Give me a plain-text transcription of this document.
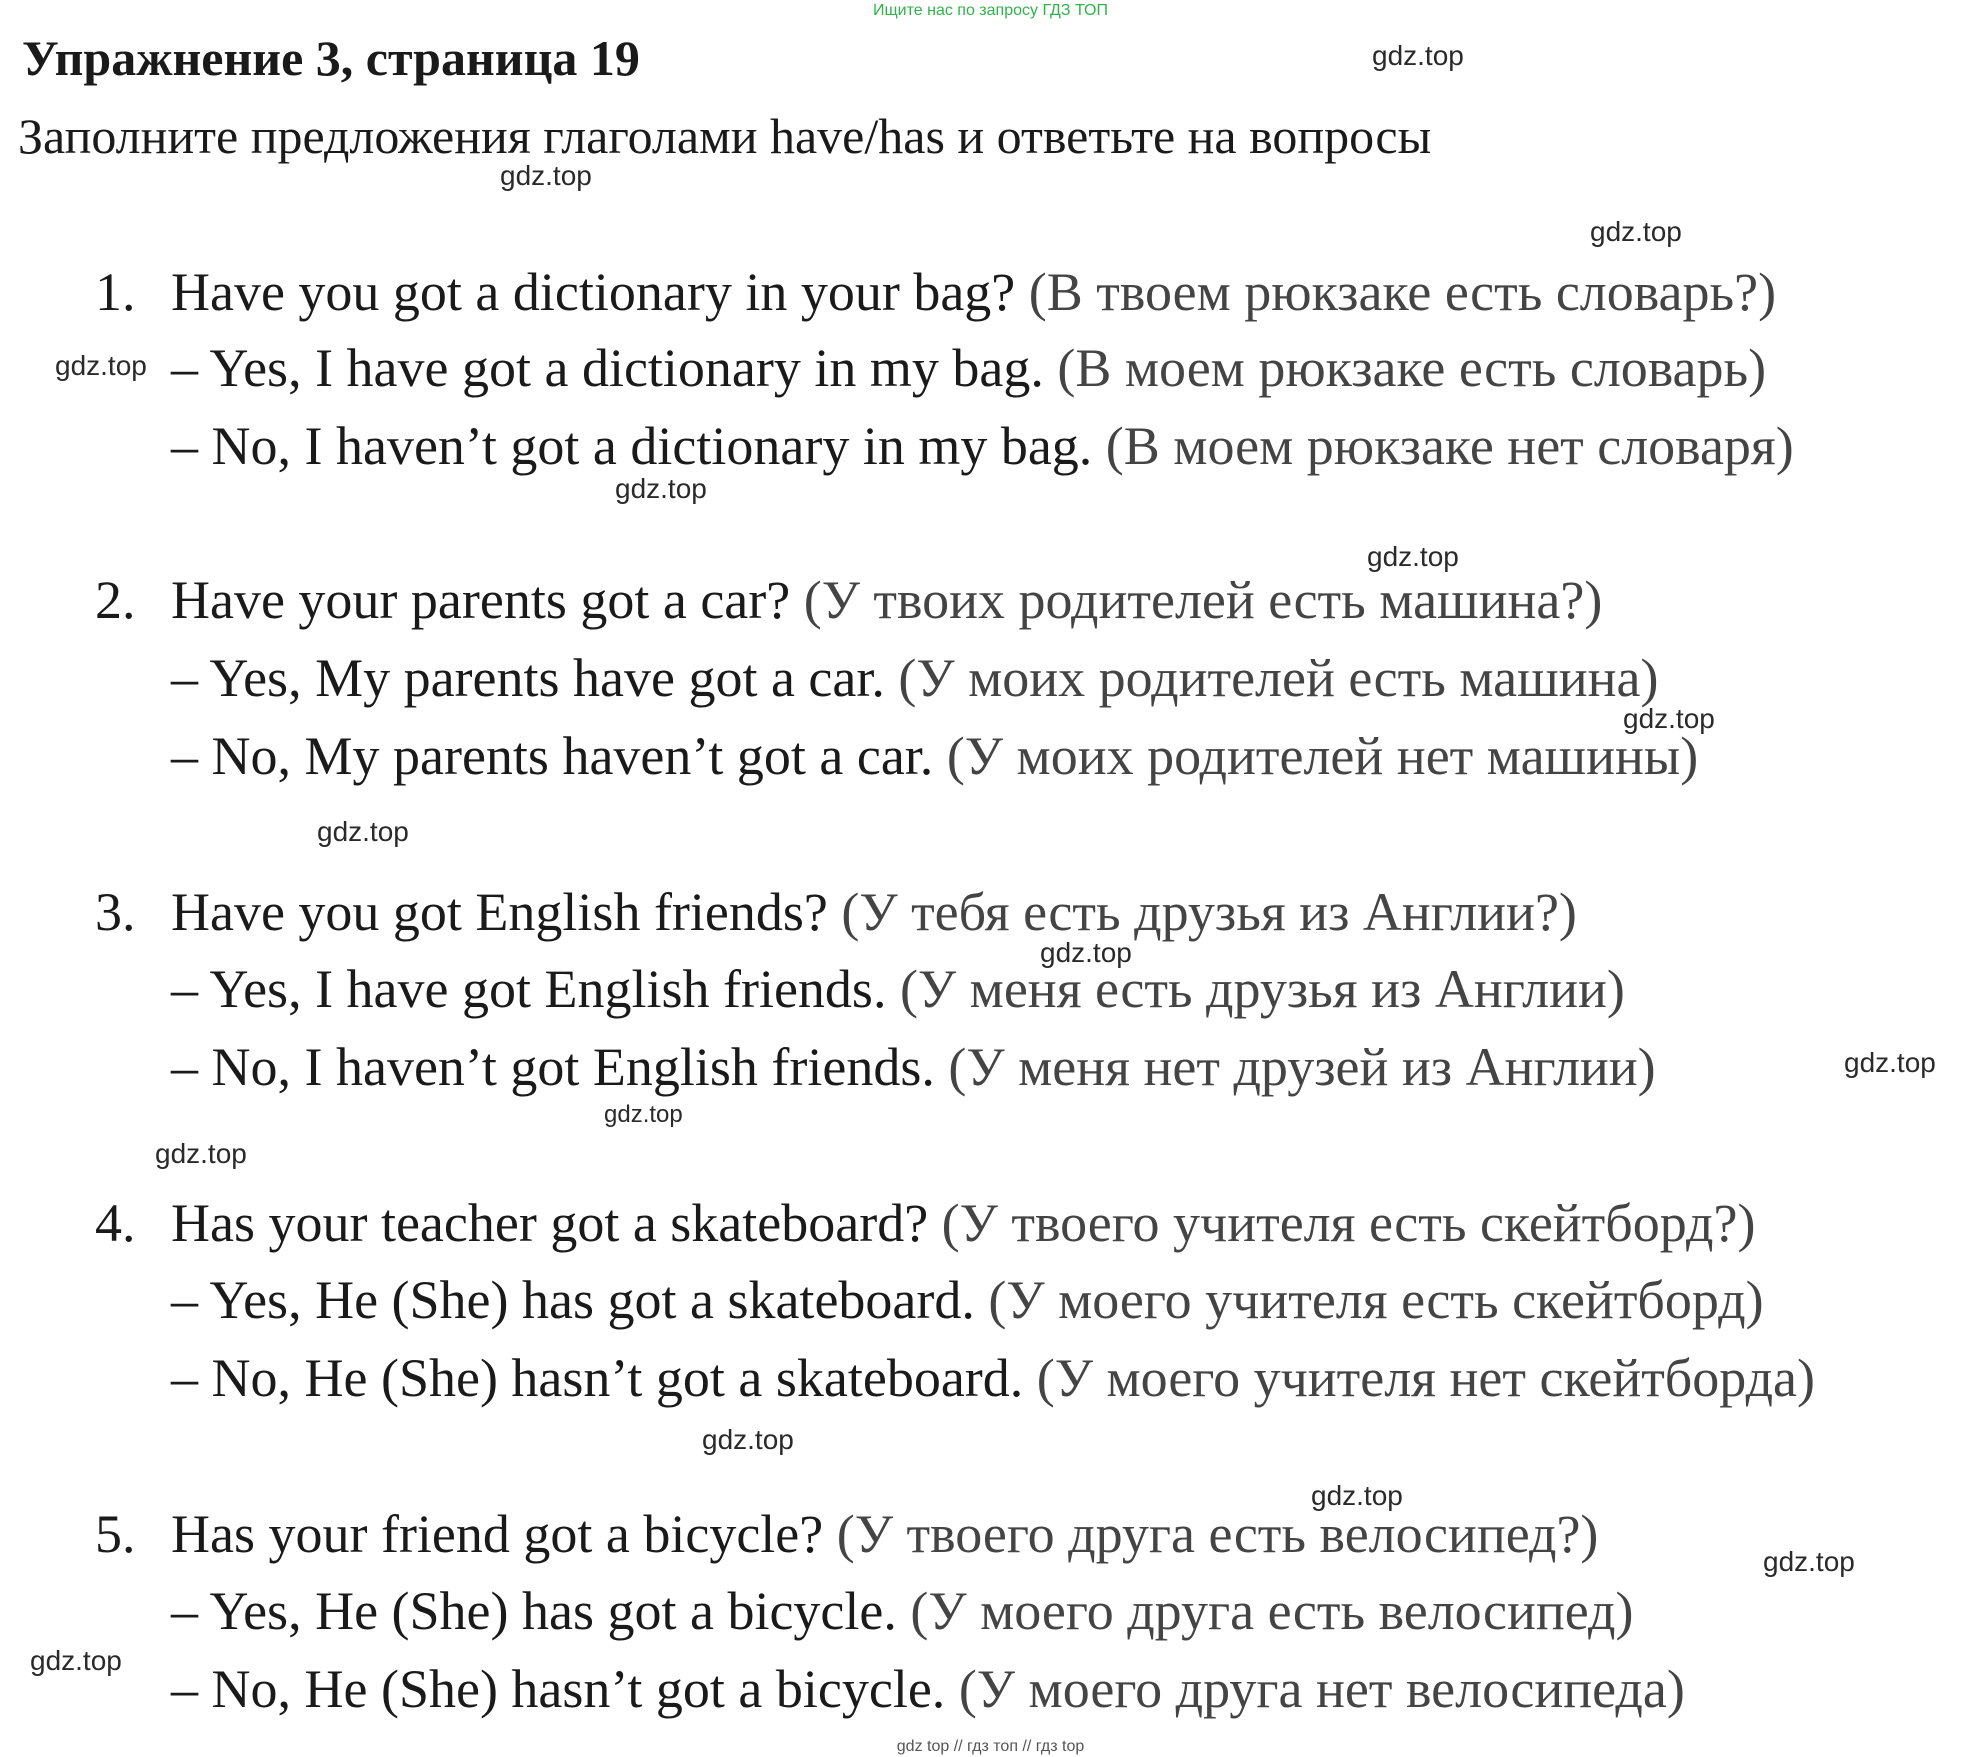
Ищите нас по запросу ГДЗ ТОП
Упражнение 3, страница 19
Заполните предложения глаголами have/has и ответьте на вопросы
1. Have you got a dictionary in your bag? (В твоем рюкзаке есть словарь?)
– Yes, I have got a dictionary in my bag. (В моем рюкзаке есть словарь)
– No, I haven’t got a dictionary in my bag. (В моем рюкзаке нет словаря)
2. Have your parents got a car? (У твоих родителей есть машина?)
– Yes, My parents have got a car. (У моих родителей есть машина)
– No, My parents haven’t got a car. (У моих родителей нет машины)
3. Have you got English friends? (У тебя есть друзья из Англии?)
– Yes, I have got English friends. (У меня есть друзья из Англии)
– No, I haven’t got English friends. (У меня нет друзей из Англии)
4. Has your teacher got a skateboard? (У твоего учителя есть скейтборд?)
– Yes, He (She) has got a skateboard. (У моего учителя есть скейтборд)
– No, He (She) hasn’t got a skateboard. (У моего учителя нет скейтборда)
5. Has your friend got a bicycle? (У твоего друга есть велосипед?)
– Yes, He (She) has got a bicycle. (У моего друга есть велосипед)
– No, He (She) hasn’t got a bicycle. (У моего друга нет велосипеда)
gdz.top
gdz.top
gdz.top
gdz.top
gdz.top
gdz.top
gdz.top
gdz.top
gdz.top
gdz.top
gdz.top
gdz.top
gdz.top
gdz.top
gdz.top
gdz.top
gdz top // гдз топ // гдз top
